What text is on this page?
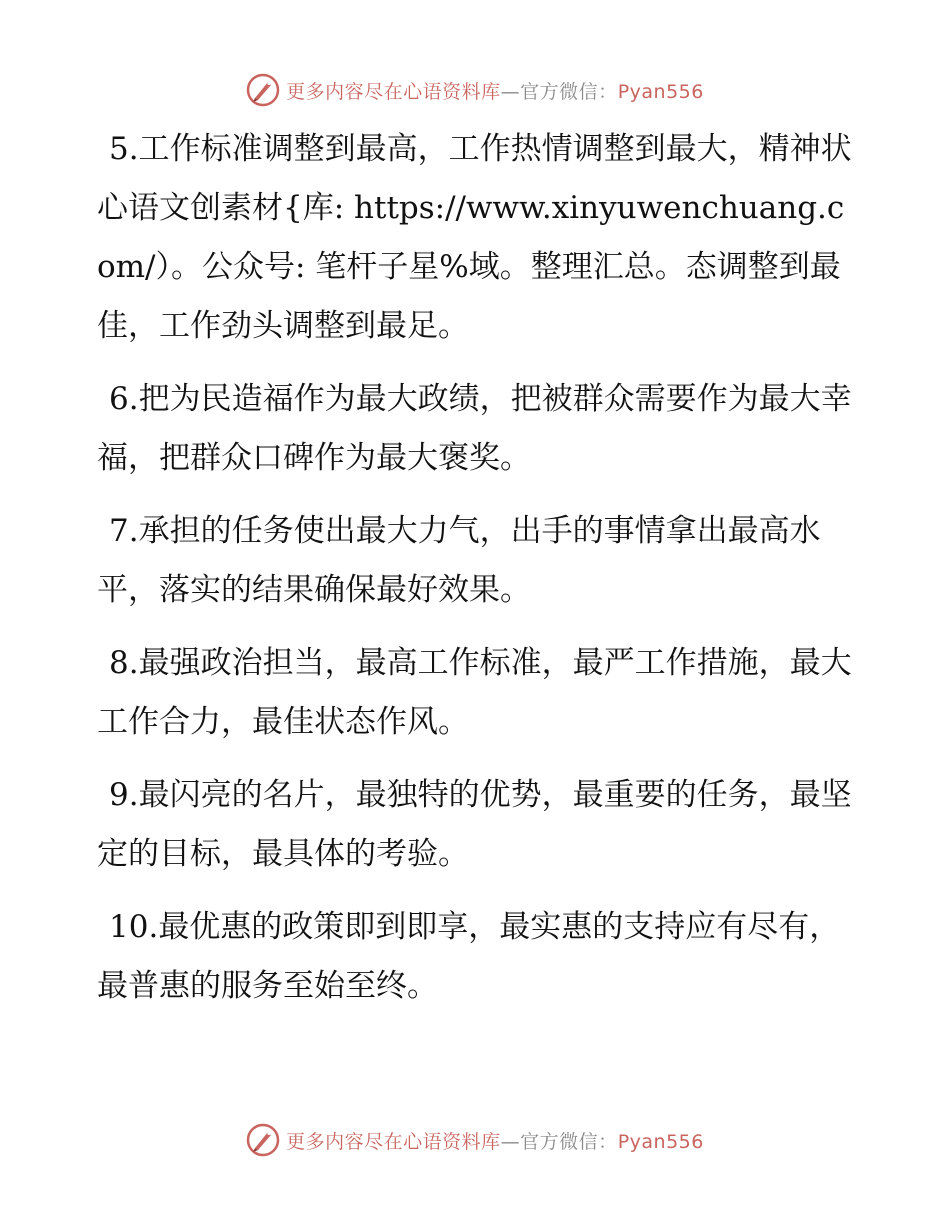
更多内容尽在心语资料库—官方微信：Pyan556

5.工作标准调整到最高，工作热情调整到最大，精神状心语文创素材{库: https://www.xinyuwenchuang.com/）。公众号: 笔杆子星%域。整理汇总。态调整到最佳，工作劲头调整到最足。

6.把为民造福作为最大政绩，把被群众需要作为最大幸福，把群众口碑作为最大褒奖。

7.承担的任务使出最大力气，出手的事情拿出最高水平，落实的结果确保最好效果。

8.最强政治担当，最高工作标准，最严工作措施，最大工作合力，最佳状态作风。

9.最闪亮的名片，最独特的优势，最重要的任务，最坚定的目标，最具体的考验。

10.最优惠的政策即到即享，最实惠的支持应有尽有，最普惠的服务至始至终。

更多内容尽在心语资料库—官方微信：Pyan556
